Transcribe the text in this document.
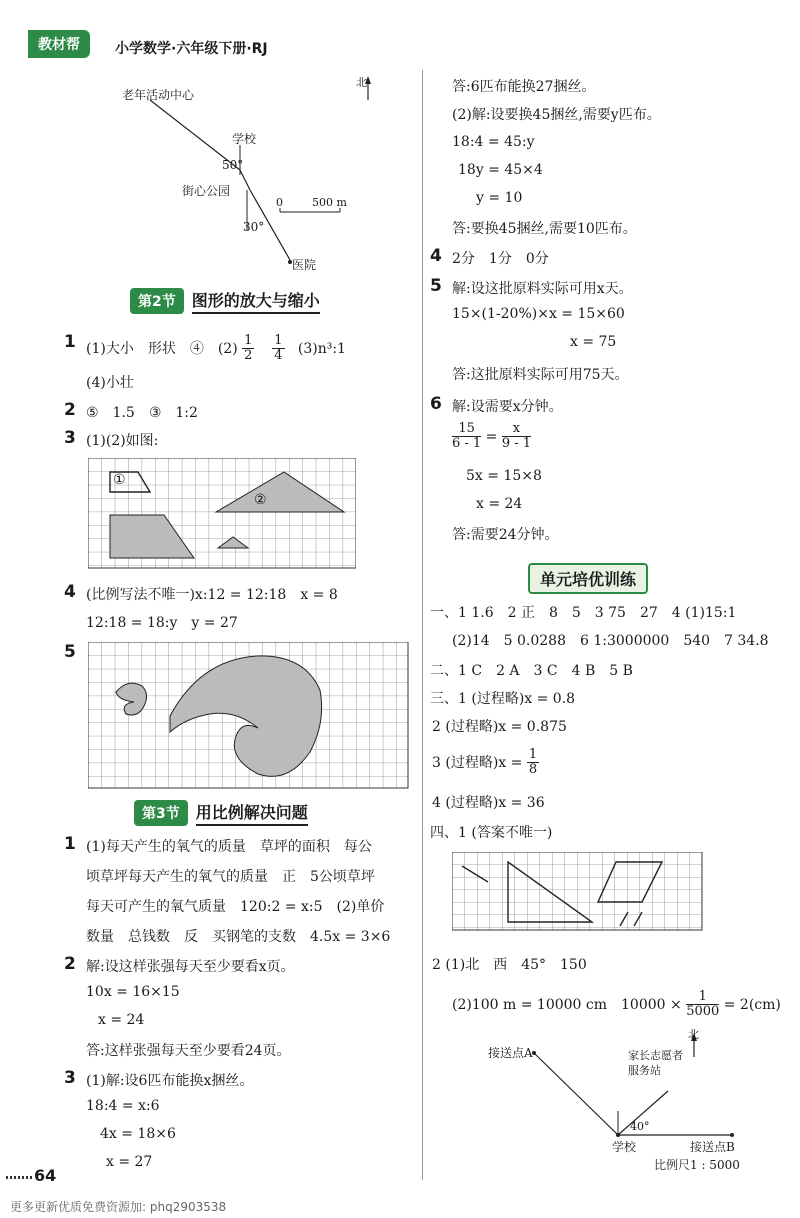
教材帮	小学数学·六年级下册·RJ
北
老年活动中心
学校
50°
街心公园
0	500 m
30°
医院
第2节	图形的放大与缩小
1 (1)大小　形状　④　$(2) \frac{1}{2}$
$\frac{1}{4}$ (3)n³:1
(4)小壮
2 ⑤　1.5　③　1:2
3 (1)(2)如图:
①
②
4 (比例写法不唯一)x:12 = 12:18　x = 8
12:18 = 18:y　y = 27
5
第3节	用比例解决问题
1 (1)每天产生的氧气的质量　草坪的面积　每公
顷草坪每天产生的氧气的质量　正　5公顷草坪
每天可产生的氧气质量　120:2 = x:5　(2)单价
数量　总钱数　反　买钢笔的支数　4.5x = 3×6
2 解:设这样张强每天至少要看x页。
10x = 16×15
x = 24
答:这样张强每天至少要看24页。
3 (1)解:设6匹布能换x捆丝。
18:4 = x:6
4x = 18×6
x = 27
答:6匹布能换27捆丝。
(2)解:设要换45捆丝,需要y匹布。
18:4 = 45:y
18y = 45×4
y = 10
答:要换45捆丝,需要10匹布。
4 2分　1分　0分
5 解:设这批原料实际可用x天。
15×(1-20%)×x = 15×60
x = 75
答:这批原料实际可用75天。
6 解:设需要x分钟。
$\frac{15}{6 - 1} = \frac{x}{9 - 1}$
5x = 15×8
x = 24
答:需要24分钟。
单元培优训练
一、1 1.6　2 正　8　5　3 75　27　4 (1)15:1
(2)14　5 0.0288　6 1:3000000　540　7 34.8
二、1 C　2 A　3 C　4 B　5 B
三、1 (过程略)x = 0.8
2 (过程略)x = 0.875
3 (过程略)$x = \frac{1}{8}$
4 (过程略)x = 36
四、1 (答案不唯一)
2 (1)北　西　45°　150
(2)100 m = 10000 cm　$10000 \times \frac{1}{5000} = 2(cm)$
北
接送点A	家长志愿者服务站
40°
学校	接送点B
比例尺1 : 5000
64
更多更新优质免费资源加: phq2903538
